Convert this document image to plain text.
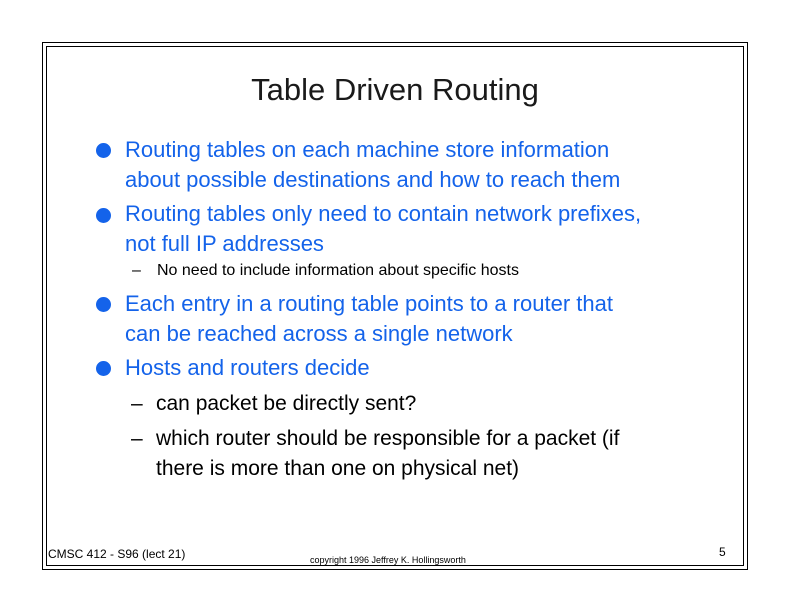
Table Driven Routing
Routing tables on each machine store information
about possible destinations and how to reach them
Routing tables only need to contain network prefixes,
not full IP addresses
– No need to include information about specific hosts
Each entry in a routing table points to a router that
can be reached across a single network
Hosts and routers decide
– can packet be directly sent?
– which router should be responsible for a packet (if
there is more than one on physical net)
CMSC 412 - S96 (lect 21)	copyright 1996 Jeffrey K. Hollingsworth
5
